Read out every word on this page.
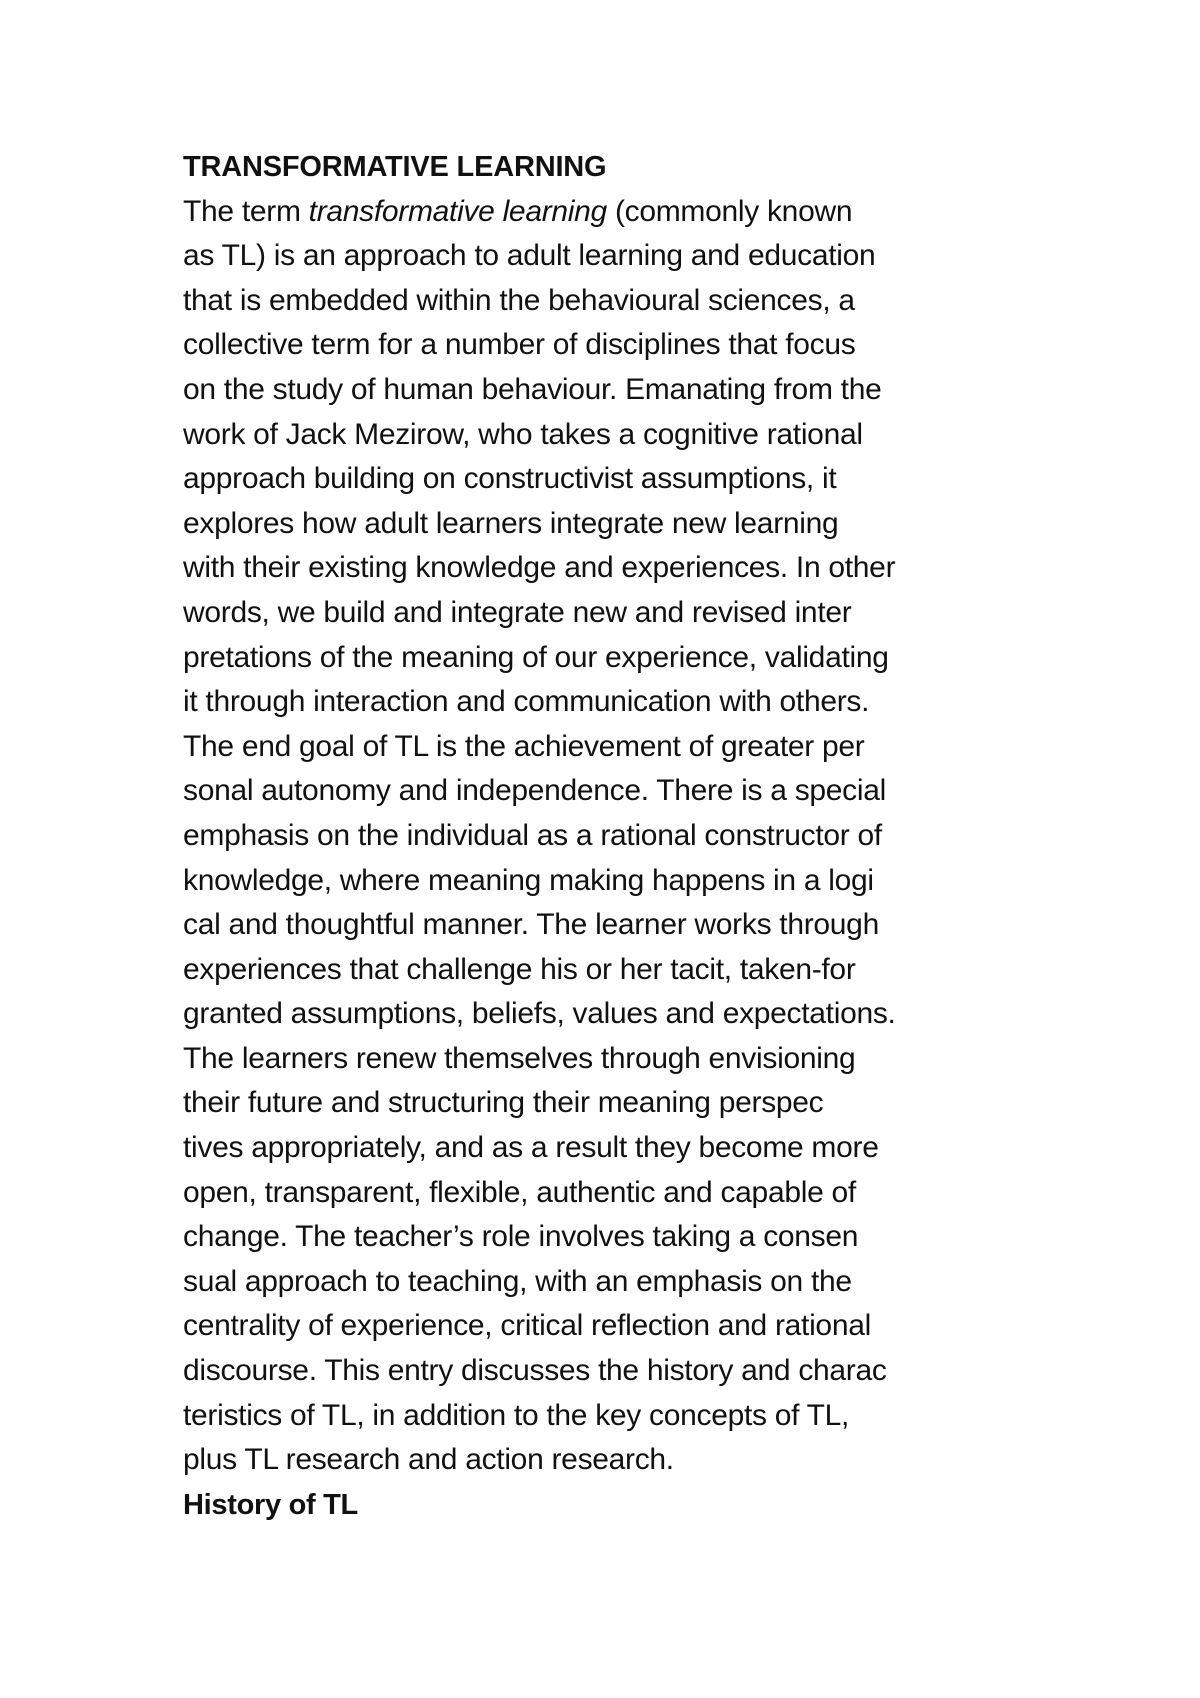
TRANSFORMATIVE LEARNING
The term transformative learning (commonly known
as TL) is an approach to adult learning and education
that is embedded within the behavioural sciences, a
collective term for a number of disciplines that focus
on the study of human behaviour. Emanating from the
work of Jack Mezirow, who takes a cognitive rational
approach building on constructivist assumptions, it
explores how adult learners integrate new learning
with their existing knowledge and experiences. In other
words, we build and integrate new and revised inter
pretations of the meaning of our experience, validating
it through interaction and communication with others.
The end goal of TL is the achievement of greater per
sonal autonomy and independence. There is a special
emphasis on the individual as a rational constructor of
knowledge, where meaning making happens in a logi
cal and thoughtful manner. The learner works through
experiences that challenge his or her tacit, taken-for
granted assumptions, beliefs, values and expectations.
The learners renew themselves through envisioning
their future and structuring their meaning perspec
tives appropriately, and as a result they become more
open, transparent, flexible, authentic and capable of
change. The teacher’s role involves taking a consen
sual approach to teaching, with an emphasis on the
centrality of experience, critical reflection and rational
discourse. This entry discusses the history and charac
teristics of TL, in addition to the key concepts of TL,
plus TL research and action research.
History of TL
